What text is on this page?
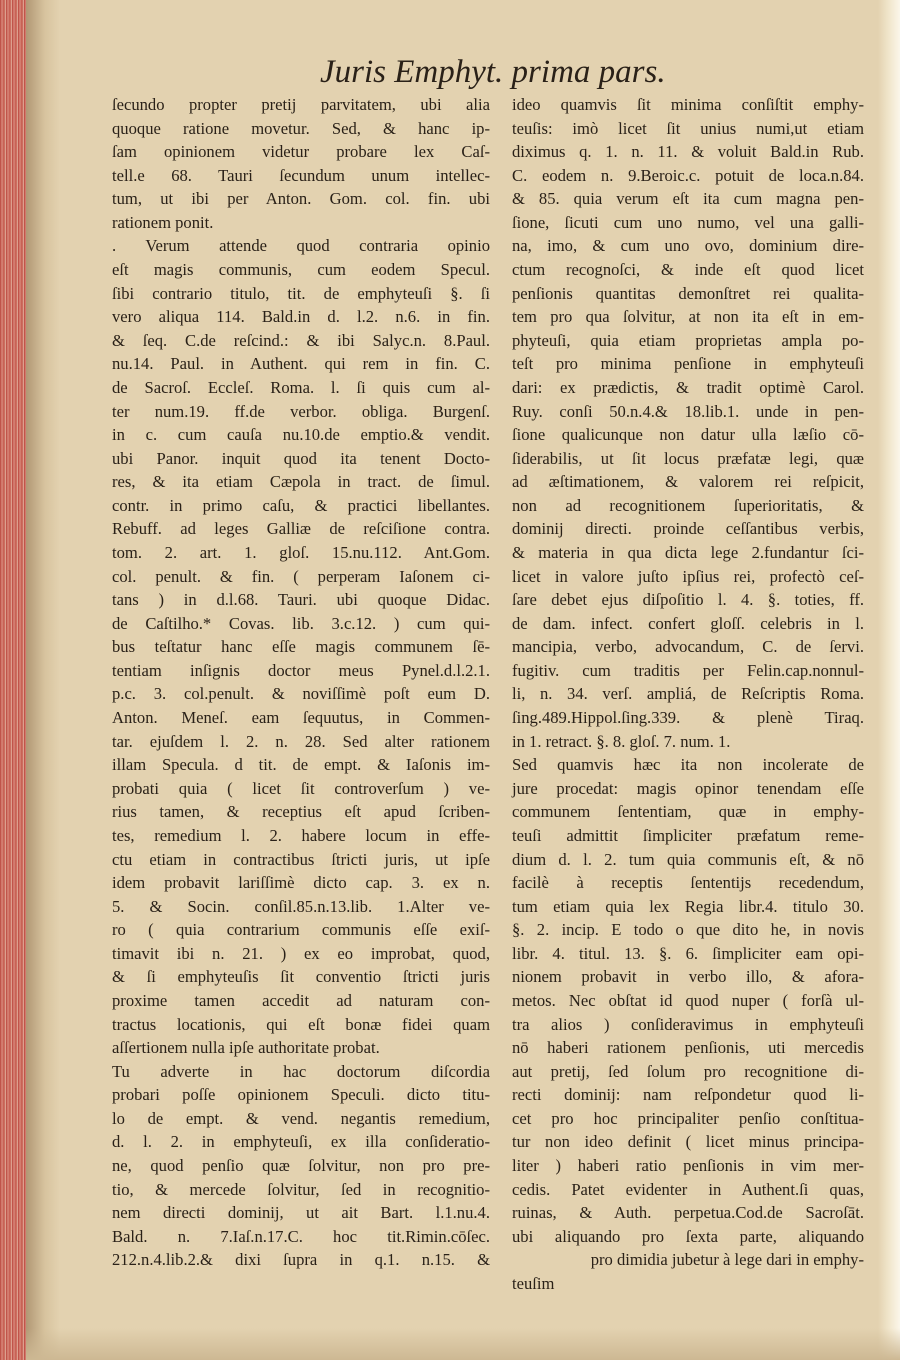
Juris Emphyt. prima pars.
ſecundo propter pretij parvitatem, ubi alia
quoque ratione movetur. Sed, & hanc ip-
ſam opinionem videtur probare lex Caſ-
tell.e 68. Tauri ſecundum unum intellec-
tum, ut ibi per Anton. Gom. col. fin. ubi
rationem ponit.
. Verum attende quod contraria opinio
eſt magis communis, cum eodem Specul.
ſibi contrario titulo, tit. de emphyteuſi §. ſi
vero aliqua 114. Bald.in d. l.2. n.6. in fin.
& ſeq. C.de reſcind.: & ibi Salyc.n. 8.Paul.
nu.14. Paul. in Authent. qui rem in fin. C.
de Sacroſ. Eccleſ. Roma. l. ſi quis cum al-
ter num.19. ff.de verbor. obliga. Burgenſ.
in c. cum cauſa nu.10.de emptio.& vendit.
ubi Panor. inquit quod ita tenent Docto-
res, & ita etiam Cæpola in tract. de ſimul.
contr. in primo caſu, & practici libellantes.
Rebuff. ad leges Galliæ de reſciſione contra.
tom. 2. art. 1. gloſ. 15.nu.112. Ant.Gom.
col. penult. & fin. ( perperam Iaſonem ci-
tans ) in d.l.68. Tauri. ubi quoque Didac.
de Caſtilho.* Covas. lib. 3.c.12. ) cum qui-
bus teſtatur hanc eſſe magis communem ſē-
tentiam inſignis doctor meus Pynel.d.l.2.1.
p.c. 3. col.penult. & noviſſimè poſt eum D.
Anton. Meneſ. eam ſequutus, in Commen-
tar. ejuſdem l. 2. n. 28. Sed alter rationem
illam Specula. d tit. de empt. & Iaſonis im-
probati quia ( licet ſit controverſum ) ve-
rius tamen, & receptius eſt apud ſcriben-
tes, remedium l. 2. habere locum in effe-
ctu etiam in contractibus ſtricti juris, ut ipſe
idem probavit lariſſimè dicto cap. 3. ex n.
5. & Socin. conſil.85.n.13.lib. 1.Alter ve-
ro ( quia contrarium communis eſſe exiſ-
timavit ibi n. 21. ) ex eo improbat, quod,
& ſi emphyteuſis ſit conventio ſtricti juris
proxime tamen accedit ad naturam con-
tractus locationis, qui eſt bonæ fidei quam
aſſertionem nulla ipſe authoritate probat.
Tu adverte in hac doctorum diſcordia
probari poſſe opinionem Speculi. dicto titu-
lo de empt. & vend. negantis remedium,
d. l. 2. in emphyteuſi, ex illa conſideratio-
ne, quod penſio quæ ſolvitur, non pro pre-
tio, & mercede ſolvitur, ſed in recognitio-
nem directi dominij, ut ait Bart. l.1.nu.4.
Bald. n. 7.Iaſ.n.17.C. hoc tit.Rimin.cōſec.
212.n.4.lib.2.& dixi ſupra in q.1. n.15. &
ideo quamvis ſit minima conſiſtit emphy-
teuſis: imò licet ſit unius numi,ut etiam
diximus q. 1. n. 11. & voluit Bald.in Rub.
C. eodem n. 9.Beroic.c. potuit de loca.n.84.
& 85. quia verum eſt ita cum magna pen-
ſione, ſicuti cum uno numo, vel una galli-
na, imo, & cum uno ovo, dominium dire-
ctum recognoſci, & inde eſt quod licet
penſionis quantitas demonſtret rei qualita-
tem pro qua ſolvitur, at non ita eſt in em-
phyteuſi, quia etiam proprietas ampla po-
teſt pro minima penſione in emphyteuſi
dari: ex prædictis, & tradit optimè Carol.
Ruy. conſi 50.n.4.& 18.lib.1. unde in pen-
ſione qualicunque non datur ulla læſio cō-
ſiderabilis, ut ſit locus præfatæ legi, quæ
ad æſtimationem, & valorem rei reſpicit,
non ad recognitionem ſuperioritatis, &
dominij directi. proinde ceſſantibus verbis,
& materia in qua dicta lege 2.fundantur ſci-
licet in valore juſto ipſius rei, profectò ceſ-
ſare debet ejus diſpoſitio l. 4. §. toties, ff.
de dam. infect. confert gloſſ. celebris in l.
mancipia, verbo, advocandum, C. de ſervi.
fugitiv. cum traditis per Felin.cap.nonnul-
li, n. 34. verſ. ampliá, de Reſcriptis Roma.
ſing.489.Hippol.ſing.339. & plenè Tiraq.
in 1. retract. §. 8. gloſ. 7. num. 1.
Sed quamvis hæc ita non incolerate de
jure procedat: magis opinor tenendam eſſe
communem ſententiam, quæ in emphy-
teuſi admittit ſimpliciter præfatum reme-
dium d. l. 2. tum quia communis eſt, & nō
facilè à receptis ſententijs recedendum,
tum etiam quia lex Regia libr.4. titulo 30.
§. 2. incip. E todo o que dito he, in novis
libr. 4. titul. 13. §. 6. ſimpliciter eam opi-
nionem probavit in verbo illo, & afora-
metos. Nec obſtat id quod nuper ( forſà ul-
tra alios ) conſideravimus in emphyteuſi
nō haberi rationem penſionis, uti mercedis
aut pretij, ſed ſolum pro recognitione di-
recti dominij: nam reſpondetur quod li-
cet pro hoc principaliter penſio conſtitua-
tur non ideo definit ( licet minus principa-
liter ) haberi ratio penſionis in vim mer-
cedis. Patet evidenter in Authent.ſi quas,
ruinas, & Auth. perpetua.Cod.de Sacroſāt.
ubi aliquando pro ſexta parte, aliquando
pro dimidia jubetur à lege dari in emphy-
teuſim
